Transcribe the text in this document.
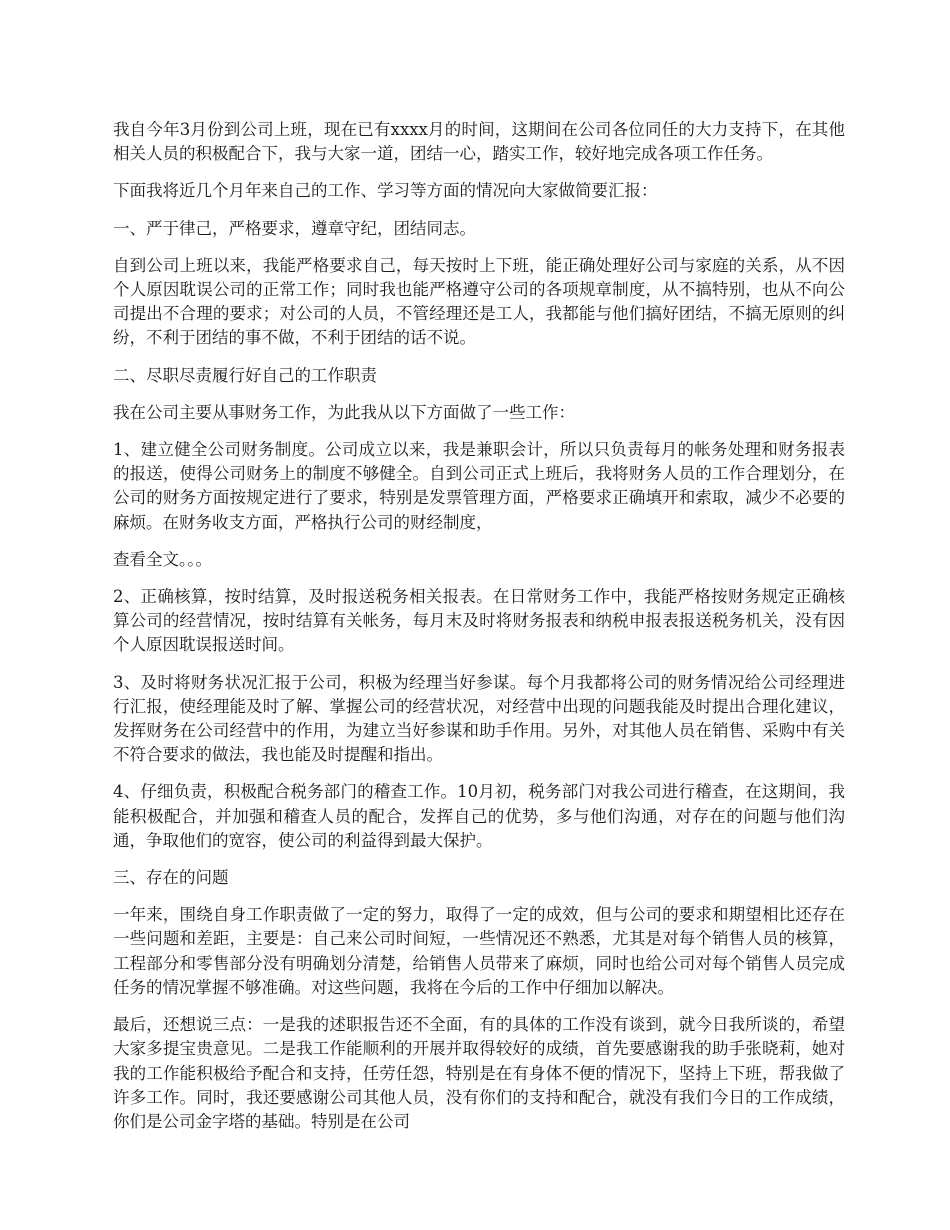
我自今年3月份到公司上班，现在已有xxxx月的时间，这期间在公司各位同任的大力支持下，在其他相关人员的积极配合下，我与大家一道，团结一心，踏实工作，较好地完成各项工作任务。

下面我将近几个月年来自己的工作、学习等方面的情况向大家做简要汇报：

一、严于律己，严格要求，遵章守纪，团结同志。

自到公司上班以来，我能严格要求自己，每天按时上下班，能正确处理好公司与家庭的关系，从不因个人原因耽误公司的正常工作；同时我也能严格遵守公司的各项规章制度，从不搞特别，也从不向公司提出不合理的要求；对公司的人员，不管经理还是工人，我都能与他们搞好团结，不搞无原则的纠纷，不利于团结的事不做，不利于团结的话不说。

二、尽职尽责履行好自己的工作职责

我在公司主要从事财务工作，为此我从以下方面做了一些工作：

1、建立健全公司财务制度。公司成立以来，我是兼职会计，所以只负责每月的帐务处理和财务报表的报送，使得公司财务上的制度不够健全。自到公司正式上班后，我将财务人员的工作合理划分，在公司的财务方面按规定进行了要求，特别是发票管理方面，严格要求正确填开和索取，减少不必要的麻烦。在财务收支方面，严格执行公司的财经制度，

查看全文。。。

2、正确核算，按时结算，及时报送税务相关报表。在日常财务工作中，我能严格按财务规定正确核算公司的经营情况，按时结算有关帐务，每月末及时将财务报表和纳税申报表报送税务机关，没有因个人原因耽误报送时间。

3、及时将财务状况汇报于公司，积极为经理当好参谋。每个月我都将公司的财务情况给公司经理进行汇报，使经理能及时了解、掌握公司的经营状况，对经营中出现的问题我能及时提出合理化建议，发挥财务在公司经营中的作用，为建立当好参谋和助手作用。另外，对其他人员在销售、采购中有关不符合要求的做法，我也能及时提醒和指出。

4、仔细负责，积极配合税务部门的稽查工作。10月初，税务部门对我公司进行稽查，在这期间，我能积极配合，并加强和稽查人员的配合，发挥自己的优势，多与他们沟通，对存在的问题与他们沟通，争取他们的宽容，使公司的利益得到最大保护。

三、存在的问题

一年来，围绕自身工作职责做了一定的努力，取得了一定的成效，但与公司的要求和期望相比还存在一些问题和差距，主要是：自己来公司时间短，一些情况还不熟悉，尤其是对每个销售人员的核算，工程部分和零售部分没有明确划分清楚，给销售人员带来了麻烦，同时也给公司对每个销售人员完成任务的情况掌握不够准确。对这些问题，我将在今后的工作中仔细加以解决。

最后，还想说三点：一是我的述职报告还不全面，有的具体的工作没有谈到，就今日我所谈的，希望大家多提宝贵意见。二是我工作能顺利的开展并取得较好的成绩，首先要感谢我的助手张晓莉，她对我的工作能积极给予配合和支持，任劳任怨，特别是在有身体不便的情况下，坚持上下班，帮我做了许多工作。同时，我还要感谢公司其他人员，没有你们的支持和配合，就没有我们今日的工作成绩，你们是公司金字塔的基础。特别是在公司
